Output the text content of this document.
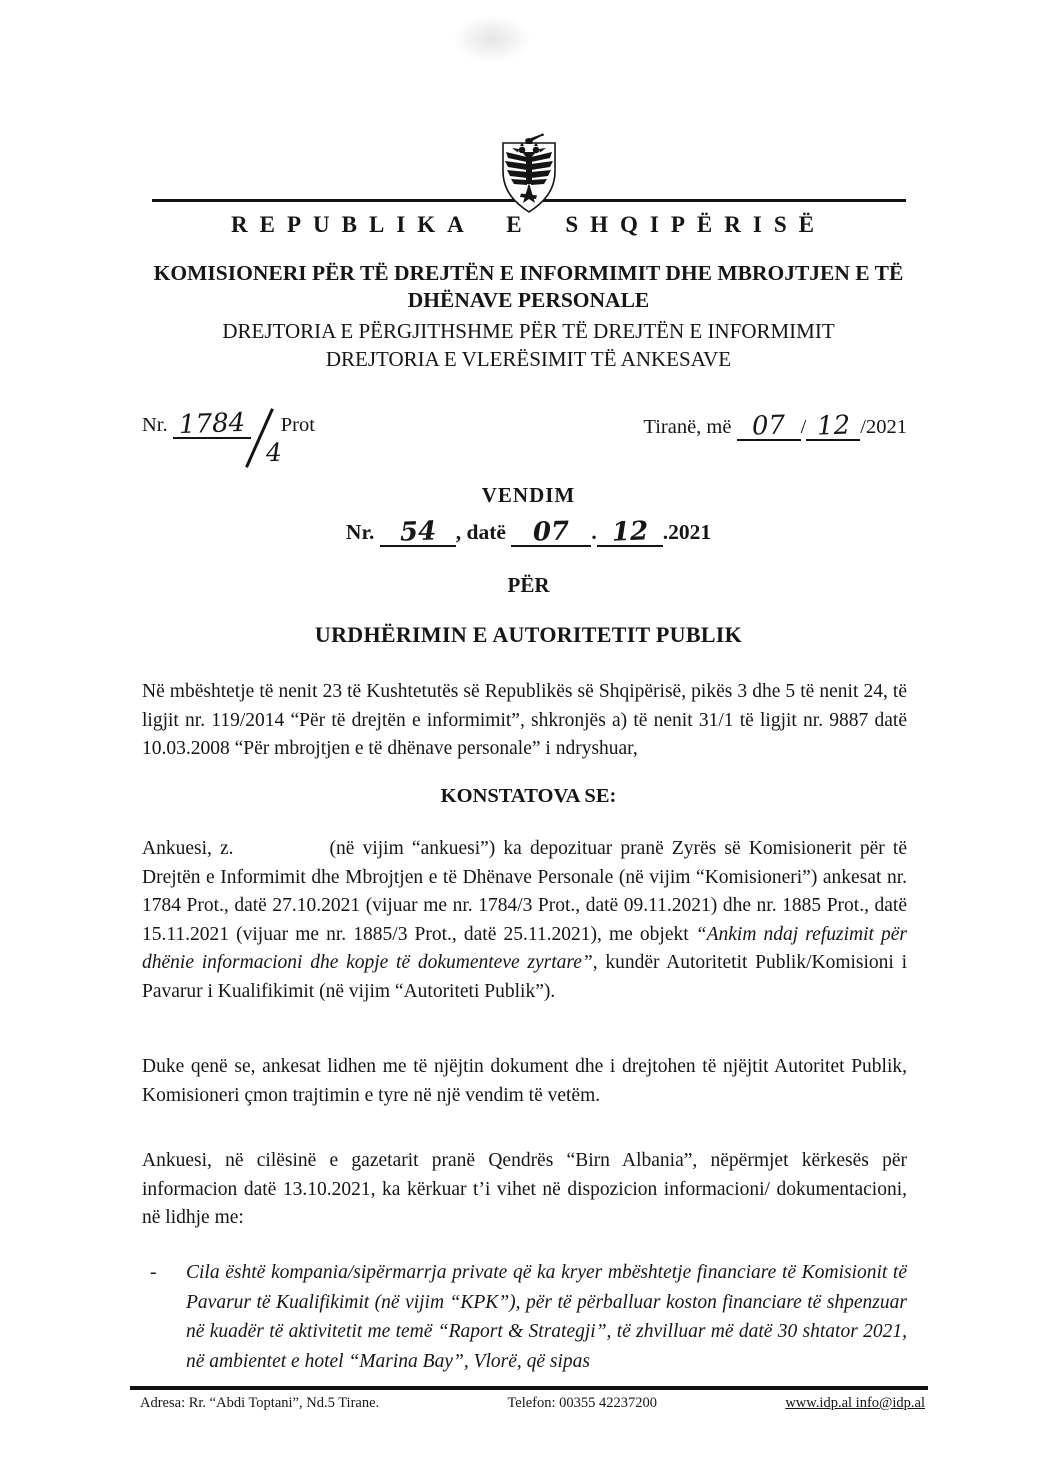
REPUBLIKA E SHQIPËRISË
KOMISIONERI PËR TË DREJTËN E INFORMIMIT DHE MBROJTJEN E TË
DHËNAVE PERSONALE
DREJTORIA E PËRGJITHSHME PËR TË DREJTËN E INFORMIMIT
DREJTORIA E VLERËSIMIT TË ANKESAVE
Nr. 1784 Prot
4
Tiranë, më 07 / 12 /2021
VENDIM
Nr. 54 , datë 07 . 12 .2021
PËR
URDHËRIMIN E AUTORITETIT PUBLIK

Në mbështetje të nenit 23 të Kushtetutës së Republikës së Shqipërisë, pikës 3 dhe 5 të nenit 24, të ligjit nr. 119/2014 “Për të drejtën e informimit”, shkronjës a) të nenit 31/1 të ligjit nr. 9887 datë 10.03.2008 “Për mbrojtjen e të dhënave personale” i ndryshuar,

KONSTATOVA SE:

Ankuesi, z.	(në vijim “ankuesi”) ka depozituar pranë Zyrës së Komisionerit për të Drejtën e Informimit dhe Mbrojtjen e të Dhënave Personale (në vijim “Komisioneri”) ankesat nr. 1784 Prot., datë 27.10.2021 (vijuar me nr. 1784/3 Prot., datë 09.11.2021) dhe nr. 1885 Prot., datë 15.11.2021 (vijuar me nr. 1885/3 Prot., datë 25.11.2021), me objekt “Ankim ndaj refuzimit për dhënie informacioni dhe kopje të dokumenteve zyrtare”, kundër Autoritetit Publik/Komisioni i Pavarur i Kualifikimit (në vijim “Autoriteti Publik”).

Duke qenë se, ankesat lidhen me të njëjtin dokument dhe i drejtohen të njëjtit Autoritet Publik, Komisioneri çmon trajtimin e tyre në një vendim të vetëm.

Ankuesi, në cilësinë e gazetarit pranë Qendrës “Birn Albania”, nëpërmjet kërkesës për informacion datë 13.10.2021, ka kërkuar t’i vihet në dispozicion informacioni/ dokumentacioni, në lidhje me:

-	Cila është kompania/sipërmarrja private që ka kryer mbështetje financiare të Komisionit të Pavarur të Kualifikimit (në vijim “KPK”), për të përballuar koston financiare të shpenzuar në kuadër të aktivitetit me temë “Raport & Strategji”, të zhvilluar më datë 30 shtator 2021, në ambientet e hotel “Marina Bay”, Vlorë, që sipas
Adresa: Rr. “Abdi Toptani”, Nd.5 Tirane.	Telefon: 00355 42237200	www.idp.al info@idp.al
